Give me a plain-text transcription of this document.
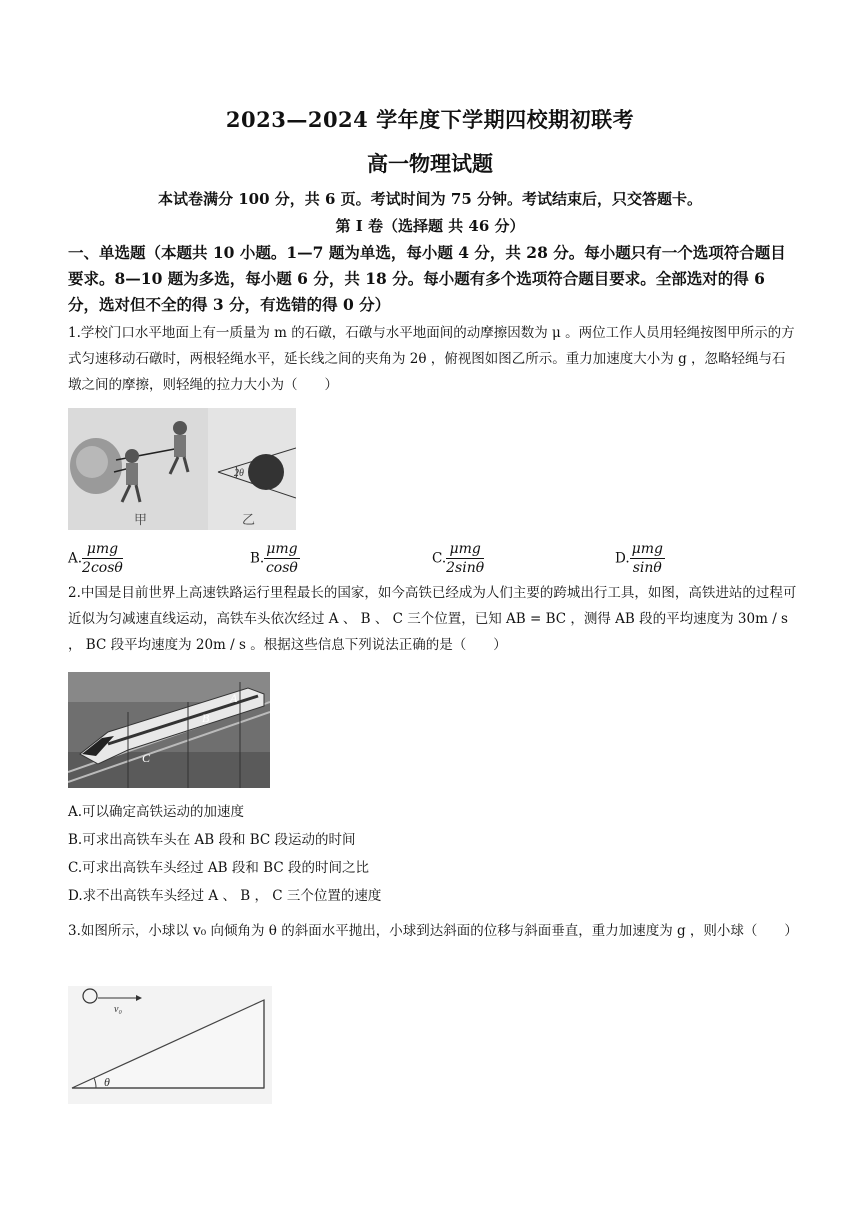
2023—2024 学年度下学期四校期初联考
高一物理试题
本试卷满分 100 分，共 6 页。考试时间为 75 分钟。考试结束后，只交答题卡。
第 I 卷（选择题 共 46 分）
一、单选题（本题共 10 小题。1—7 题为单选，每小题 4 分，共 28 分。每小题只有一个选项符合题目要求。8—10 题为多选，每小题 6 分，共 18 分。每小题有多个选项符合题目要求。全部选对的得 6 分，选对但不全的得 3 分，有选错的得 0 分）
1.学校门口水平地面上有一质量为 m 的石礅，石礅与水平地面间的动摩擦因数为 μ 。两位工作人员用轻绳按图甲所示的方式匀速移动石礅时，两根轻绳水平，延长线之间的夹角为 2θ ，俯视图如图乙所示。重力加速度大小为 g ，忽略轻绳与石墩之间的摩擦，则轻绳的拉力大小为（　　）
2θ
甲	乙
A. $\frac{\text{μmg}}{2\cos\theta}$	B. $\frac{\text{μmg}}{\cos\theta}$	C. $\frac{\text{μmg}}{2\sin\theta}$	D. $\frac{\text{μmg}}{\sin\theta}$
2.中国是目前世界上高速铁路运行里程最长的国家，如今高铁已经成为人们主要的跨城出行工具，如图，高铁进站的过程可近似为匀减速直线运动，高铁车头依次经过 A 、 B 、 C 三个位置，已知 AB = BC ，测得 AB 段的平均速度为 30m / s ， BC 段平均速度为 20m / s 。根据这些信息下列说法正确的是（　　）
A
B
C
A.可以确定高铁运动的加速度
B.可求出高铁车头在 AB 段和 BC 段运动的时间
C.可求出高铁车头经过 AB 段和 BC 段的时间之比
D.求不出高铁车头经过 A 、 B ， C 三个位置的速度
3.如图所示，小球以 v₀ 向倾角为 θ 的斜面水平抛出，小球到达斜面的位移与斜面垂直，重力加速度为 g ，则小球（　　）
θ
v₀
